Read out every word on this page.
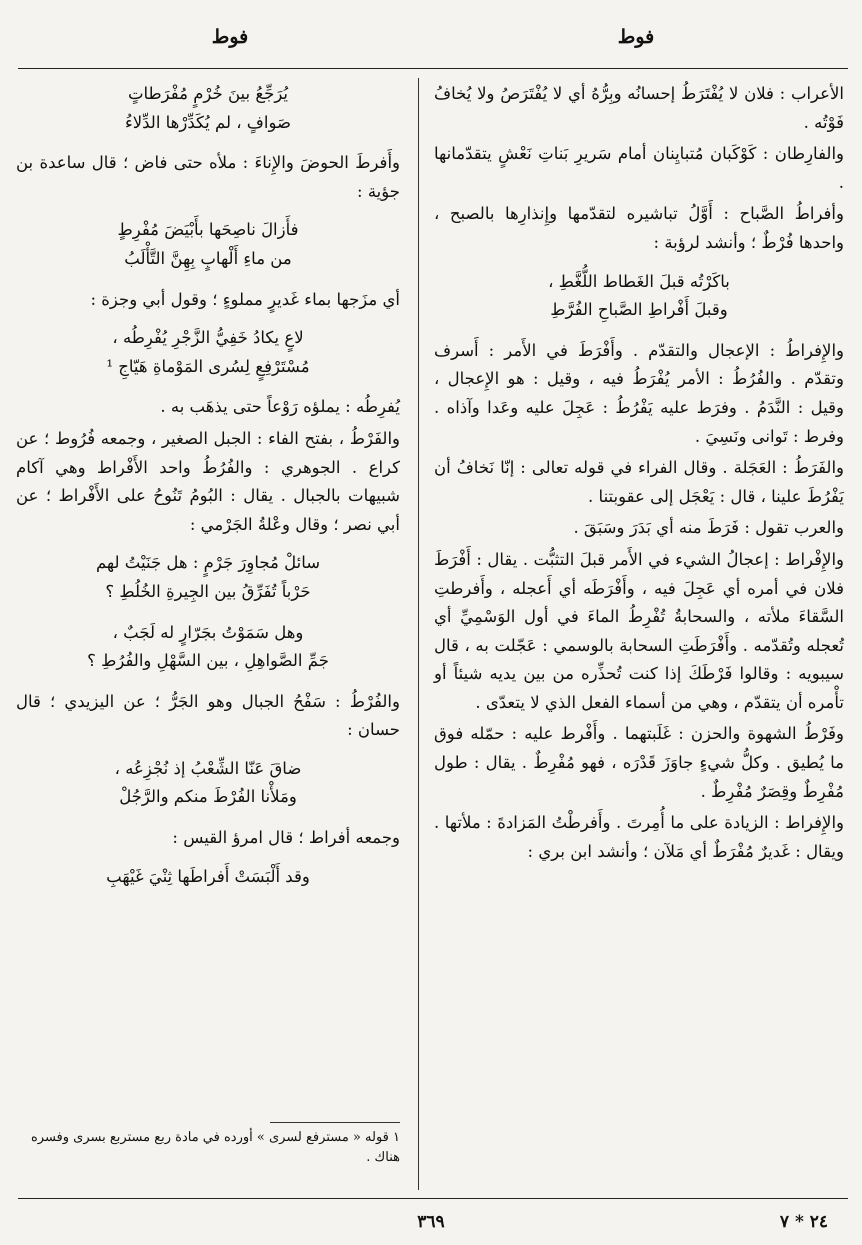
فوط
فوط

الأعراب : فلان لا يُفْتَرَطُ إحسانُه وبِرُّهُ أي لا يُفْتَرَصُ ولا يُخافُ فَوْتُه .

والفارِطان : كَوْكَبان مُتبايِنان أمام سَريرِ بَناتِ نَعْشٍ يتقدّمانها .

وأفراطُ الصَّباح : أَوَّلُ تباشيره لتقدّمها وإِنذارِها بالصبح ، واحدها فُرْطٌ ؛ وأنشد لرؤبة :

باكَرْتُه قبلَ الغَطاط اللُّغَّطِ ،
وقبلَ أَفْراطِ الصَّباحِ الفُرَّطِ

والإِفراطُ : الإعجال والتقدّم . وأَفْرَطَ في الأَمر : أَسرف وتقدّم . والفُرُطُ : الأمر يُفْرَطُ فيه ، وقيل : هو الإِعجال ، وقيل : النَّدَمُ . وفرَط عليه يَفْرُطُ : عَجِلَ عليه وعَدا وآذاه . وفرط : تَوانى ونَسِيَ .

والفَرَطُ : العَجَلة . وقال الفراء في قوله تعالى : إنّا نَخافُ أن يَفْرُطَ علينا ، قال : يَعْجَل إلى عقوبتنا .

والعرب تقول : فَرَطَ منه أي بَدَرَ وسَبَقَ .

والإِفْراط : إعجالُ الشيء في الأَمر قبلَ التثبُّت . يقال : أَفْرَطَ فلان في أمره أي عَجِلَ فيه ، وأَفْرَطَه أي أَعجله ، وأَفرطتِ السَّقاءَ ملأته ، والسحابةُ تُفْرِطُ الماءَ في أول الوَسْمِيِّ أي تُعجله وتُقدّمه . وأَفْرَطَتِ السحابة بالوسمي : عَجّلت به ، قال سيبويه : وقالوا فَرْطَكَ إذا كنت تُحذِّره من بين يديه شيئاً أو تأْمره أن يتقدّم ، وهي من أسماء الفعل الذي لا يتعدّى .

وفَرْطُ الشهوة والحزن : غَلَبتهما . وأَفْرط عليه : حمّله فوق ما يُطيق . وكلُّ شيءٍ جاوَزَ قَدْرَه ، فهو مُفْرِطٌ . يقال : طول مُفْرِطٌ وقِصَرٌ مُفْرِطٌ .

والإِفراط : الزيادة على ما أُمِرتَ . وأَفرطْتُ المَزادةَ : ملأتها . ويقال : غَديرٌ مُفْرَطٌ أي مَلآن ؛ وأنشد ابن بري :

يُرَجِّعُ بينَ خُرْمٍ مُفْرَطاتٍ
صَوافٍ ، لم يُكَدِّرْها الدِّلاءُ

وأَفرطَ الحوضَ والإِناءَ : ملأه حتى فاض ؛ قال ساعدة بن جؤية :

فأَزالَ ناصِحَها بأَبْيَضَ مُفْرِطٍ
من ماءِ أَلْهابٍ بِهِنَّ التَّأْلَبُ

أي مزَجها بماء غَديرٍ مملوءٍ ؛ وقول أبي وجزة :

لاعٍ يكادُ خَفِيُّ الزَّجْرِ يُفْرِطُه ،
مُسْتَرْفِعٍ لِسُرى المَوْماةِ هَيّاجِ ¹

يُفرِطُه : يملؤه رَوْعاً حتى يذهَب به .

والفَرْطُ ، بفتح الفاء : الجبل الصغير ، وجمعه فُرُوط ؛ عن كراع . الجوهري : والفُرُطُ واحد الأَفْراط وهي آكام شبيهات بالجبال . يقال : البُومُ تَنُوحُ على الأَفْراط ؛ عن أبي نصر ؛ وقال وعْلةُ الجَرْمي :

سائلْ مُجاوِرَ جَرْمٍ : هل جَنَيْتُ لهم
حَرْباً تُفَرِّقُ بين الجِيرةِ الخُلُطِ ؟
وهل سَمَوْتُ بجَرّارٍ له لَجَبٌ ،
جَمِّ الصَّواهِلِ ، بين السَّهْلِ والفُرُطِ ؟

والفُرْطُ : سَفْحُ الجبال وهو الجَرُّ ؛ عن اليزيدي ؛ قال حسان :

ضاقَ عَنّا الشِّعْبُ إذ نُجْزِعُه ،
ومَلأْنا الفُرْطَ منكم والرَّجُلْ

وجمعه أفراط ؛ قال امرؤ القيس :

وقد أَلْبَسَتْ أَفراطَها ثِنْيَ غَيْهَبِ
١ قوله « مسترفع لسرى » أورده في مادة ربع مستربع بسرى وفسره هناك .
٣٦٩	٢٤ * ٧
